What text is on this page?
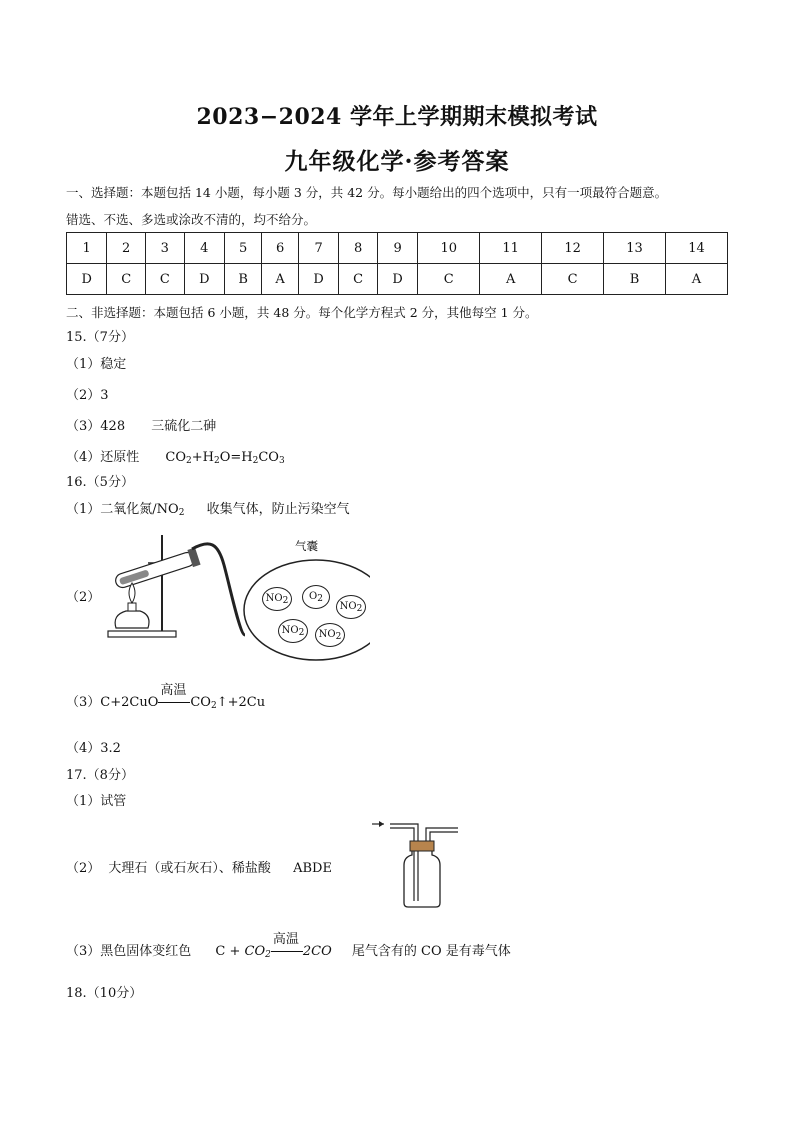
2023−2024 学年上学期期末模拟考试
九年级化学·参考答案
一、选择题：本题包括 14 小题，每小题 3 分，共 42 分。每小题给出的四个选项中，只有一项最符合题意。
错选、不选、多选或涂改不清的，均不给分。
1	2	3	4	5	6	7	8	9	10	11	12	13	14
D	C	C	D	B	A	D	C	D	C	A	C	B	A
二、非选择题：本题包括 6 小题，共 48 分。每个化学方程式 2 分，其他每空 1 分。
15.（7分）
（1）稳定
（2）3
（3）428 三硫化二砷
（4）还原性 $CO_2+H_2O=H_2CO_3$
16.（5分）
（1）二氧化氮$/NO_2$ 收集气体，防止污染空气
（2）
气囊
$NO_2$	$O_2$
$NO_2$
$NO_2$	$NO_2$
（3）C+2CuO
高温
$CO_2↑+2Cu$
（4）3.2
17.（8分）
（1）试管
（2） 大理石（或石灰石）、稀盐酸 ABDE
（3）黑色固体变红色 $C + CO_2$
高温
2CO 尾气含有的 CO 是有毒气体
18.（10分）
